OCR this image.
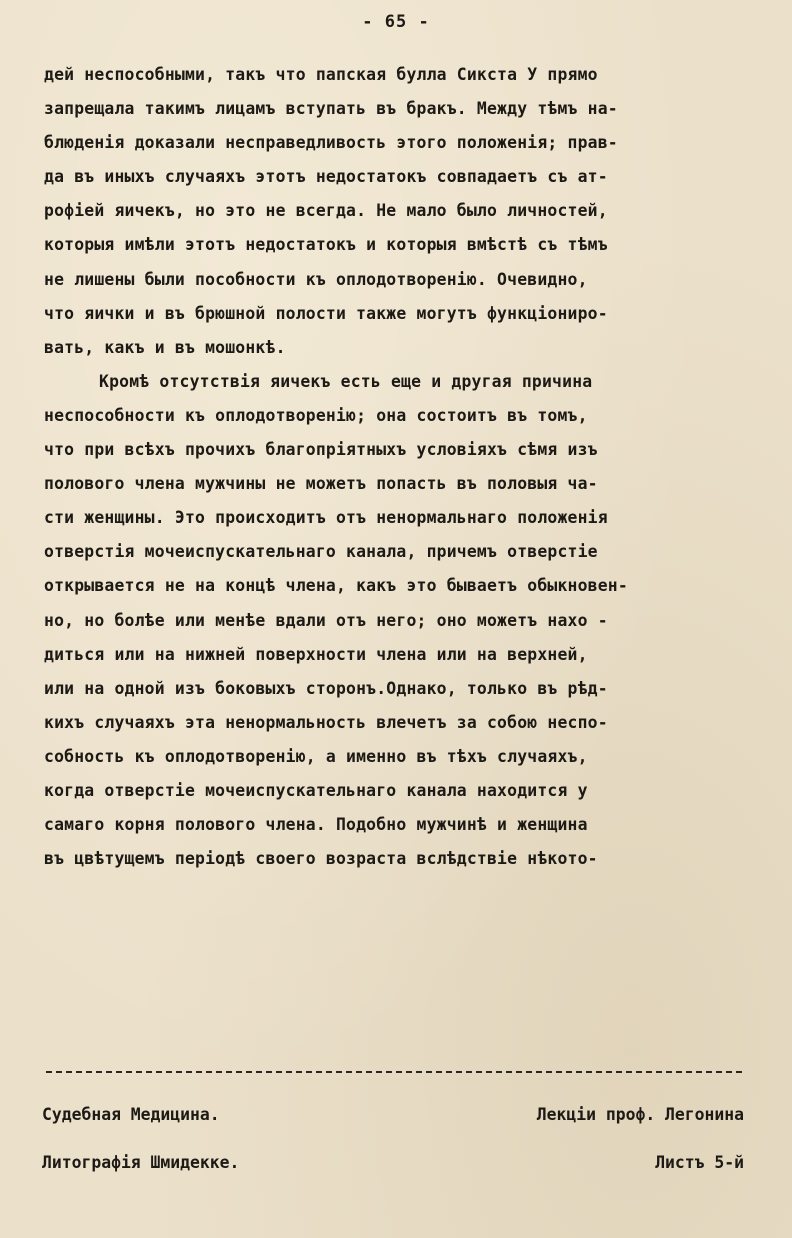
- 65 -
дей неспособными, такъ что папская булла Сикста У прямо
запрещала такимъ лицамъ вступать въ бракъ. Между тѣмъ на-
блюденія доказали несправедливость этого положенія; прав-
да въ иныхъ случаяхъ этотъ недостатокъ совпадаетъ съ ат-
рофіей яичекъ, но это не всегда. Не мало было личностей,
которыя имѣли этотъ недостатокъ и которыя вмѣстѣ съ тѣмъ
не лишены были пособности къ оплодотворенію. Очевидно,
что яички и въ брюшной полости также могутъ функціониро-
вать, какъ и въ мошонкѣ.
Кромѣ отсутствія яичекъ есть еще и другая причина
неспособности къ оплодотворенію; она состоитъ въ томъ,
что при всѣхъ прочихъ благопріятныхъ условіяхъ сѣмя изъ
полового члена мужчины не можетъ попасть въ половыя ча-
сти женщины. Это происходитъ отъ ненормальнаго положенія
отверстія мочеиспускательнаго канала, причемъ отверстіе
открывается не на концѣ члена, какъ это бываетъ обыкновен-
но, но болѣе или менѣе вдали отъ него; оно можетъ нахо -
диться или на нижней поверхности члена или на верхней,
или на одной изъ боковыхъ сторонъ.Однако, только въ рѣд-
кихъ случаяхъ эта ненормальность влечетъ за собою неспо-
собность къ оплодотворенію, а именно въ тѣхъ случаяхъ,
когда отверстіе мочеиспускательнаго канала находится у
самаго корня полового члена. Подобно мужчинѣ и женщина
въ цвѣтущемъ періодѣ своего возраста вслѣдствіе нѣкото-
Судебная Медицина.	Лекціи проф. Легонина
Литографія Шмидекке.	Листъ 5-й
